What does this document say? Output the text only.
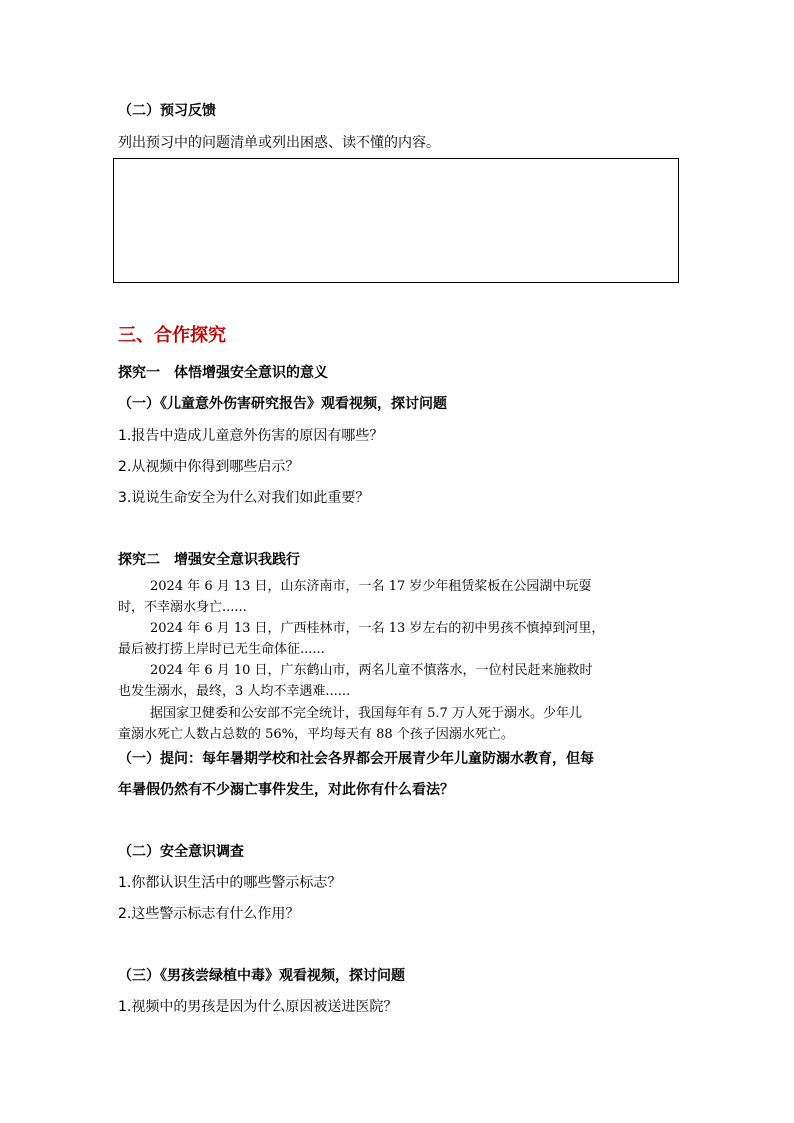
（二）预习反馈
列出预习中的问题清单或列出困惑、读不懂的内容。
三、合作探究
探究一　体悟增强安全意识的意义
（一）《儿童意外伤害研究报告》观看视频，探讨问题
1.报告中造成儿童意外伤害的原因有哪些？
2.从视频中你得到哪些启示？
3.说说生命安全为什么对我们如此重要？
探究二　增强安全意识我践行
2024 年 6 月 13 日，山东济南市，一名 17 岁少年租赁桨板在公园湖中玩耍
时，不幸溺水身亡......
2024 年 6 月 13 日，广西桂林市，一名 13 岁左右的初中男孩不慎掉到河里，
最后被打捞上岸时已无生命体征......
2024 年 6 月 10 日，广东鹤山市，两名儿童不慎落水，一位村民赶来施救时
也发生溺水，最终，3 人均不幸遇难......
据国家卫健委和公安部不完全统计，我国每年有 5.7 万人死于溺水。少年儿
童溺水死亡人数占总数的 56%，平均每天有 88 个孩子因溺水死亡。
（一）提问：每年暑期学校和社会各界都会开展青少年儿童防溺水教育，但每
年暑假仍然有不少溺亡事件发生，对此你有什么看法？
（二）安全意识调查
1.你都认识生活中的哪些警示标志？
2.这些警示标志有什么作用？
（三）《男孩尝绿植中毒》观看视频，探讨问题
1.视频中的男孩是因为什么原因被送进医院？
